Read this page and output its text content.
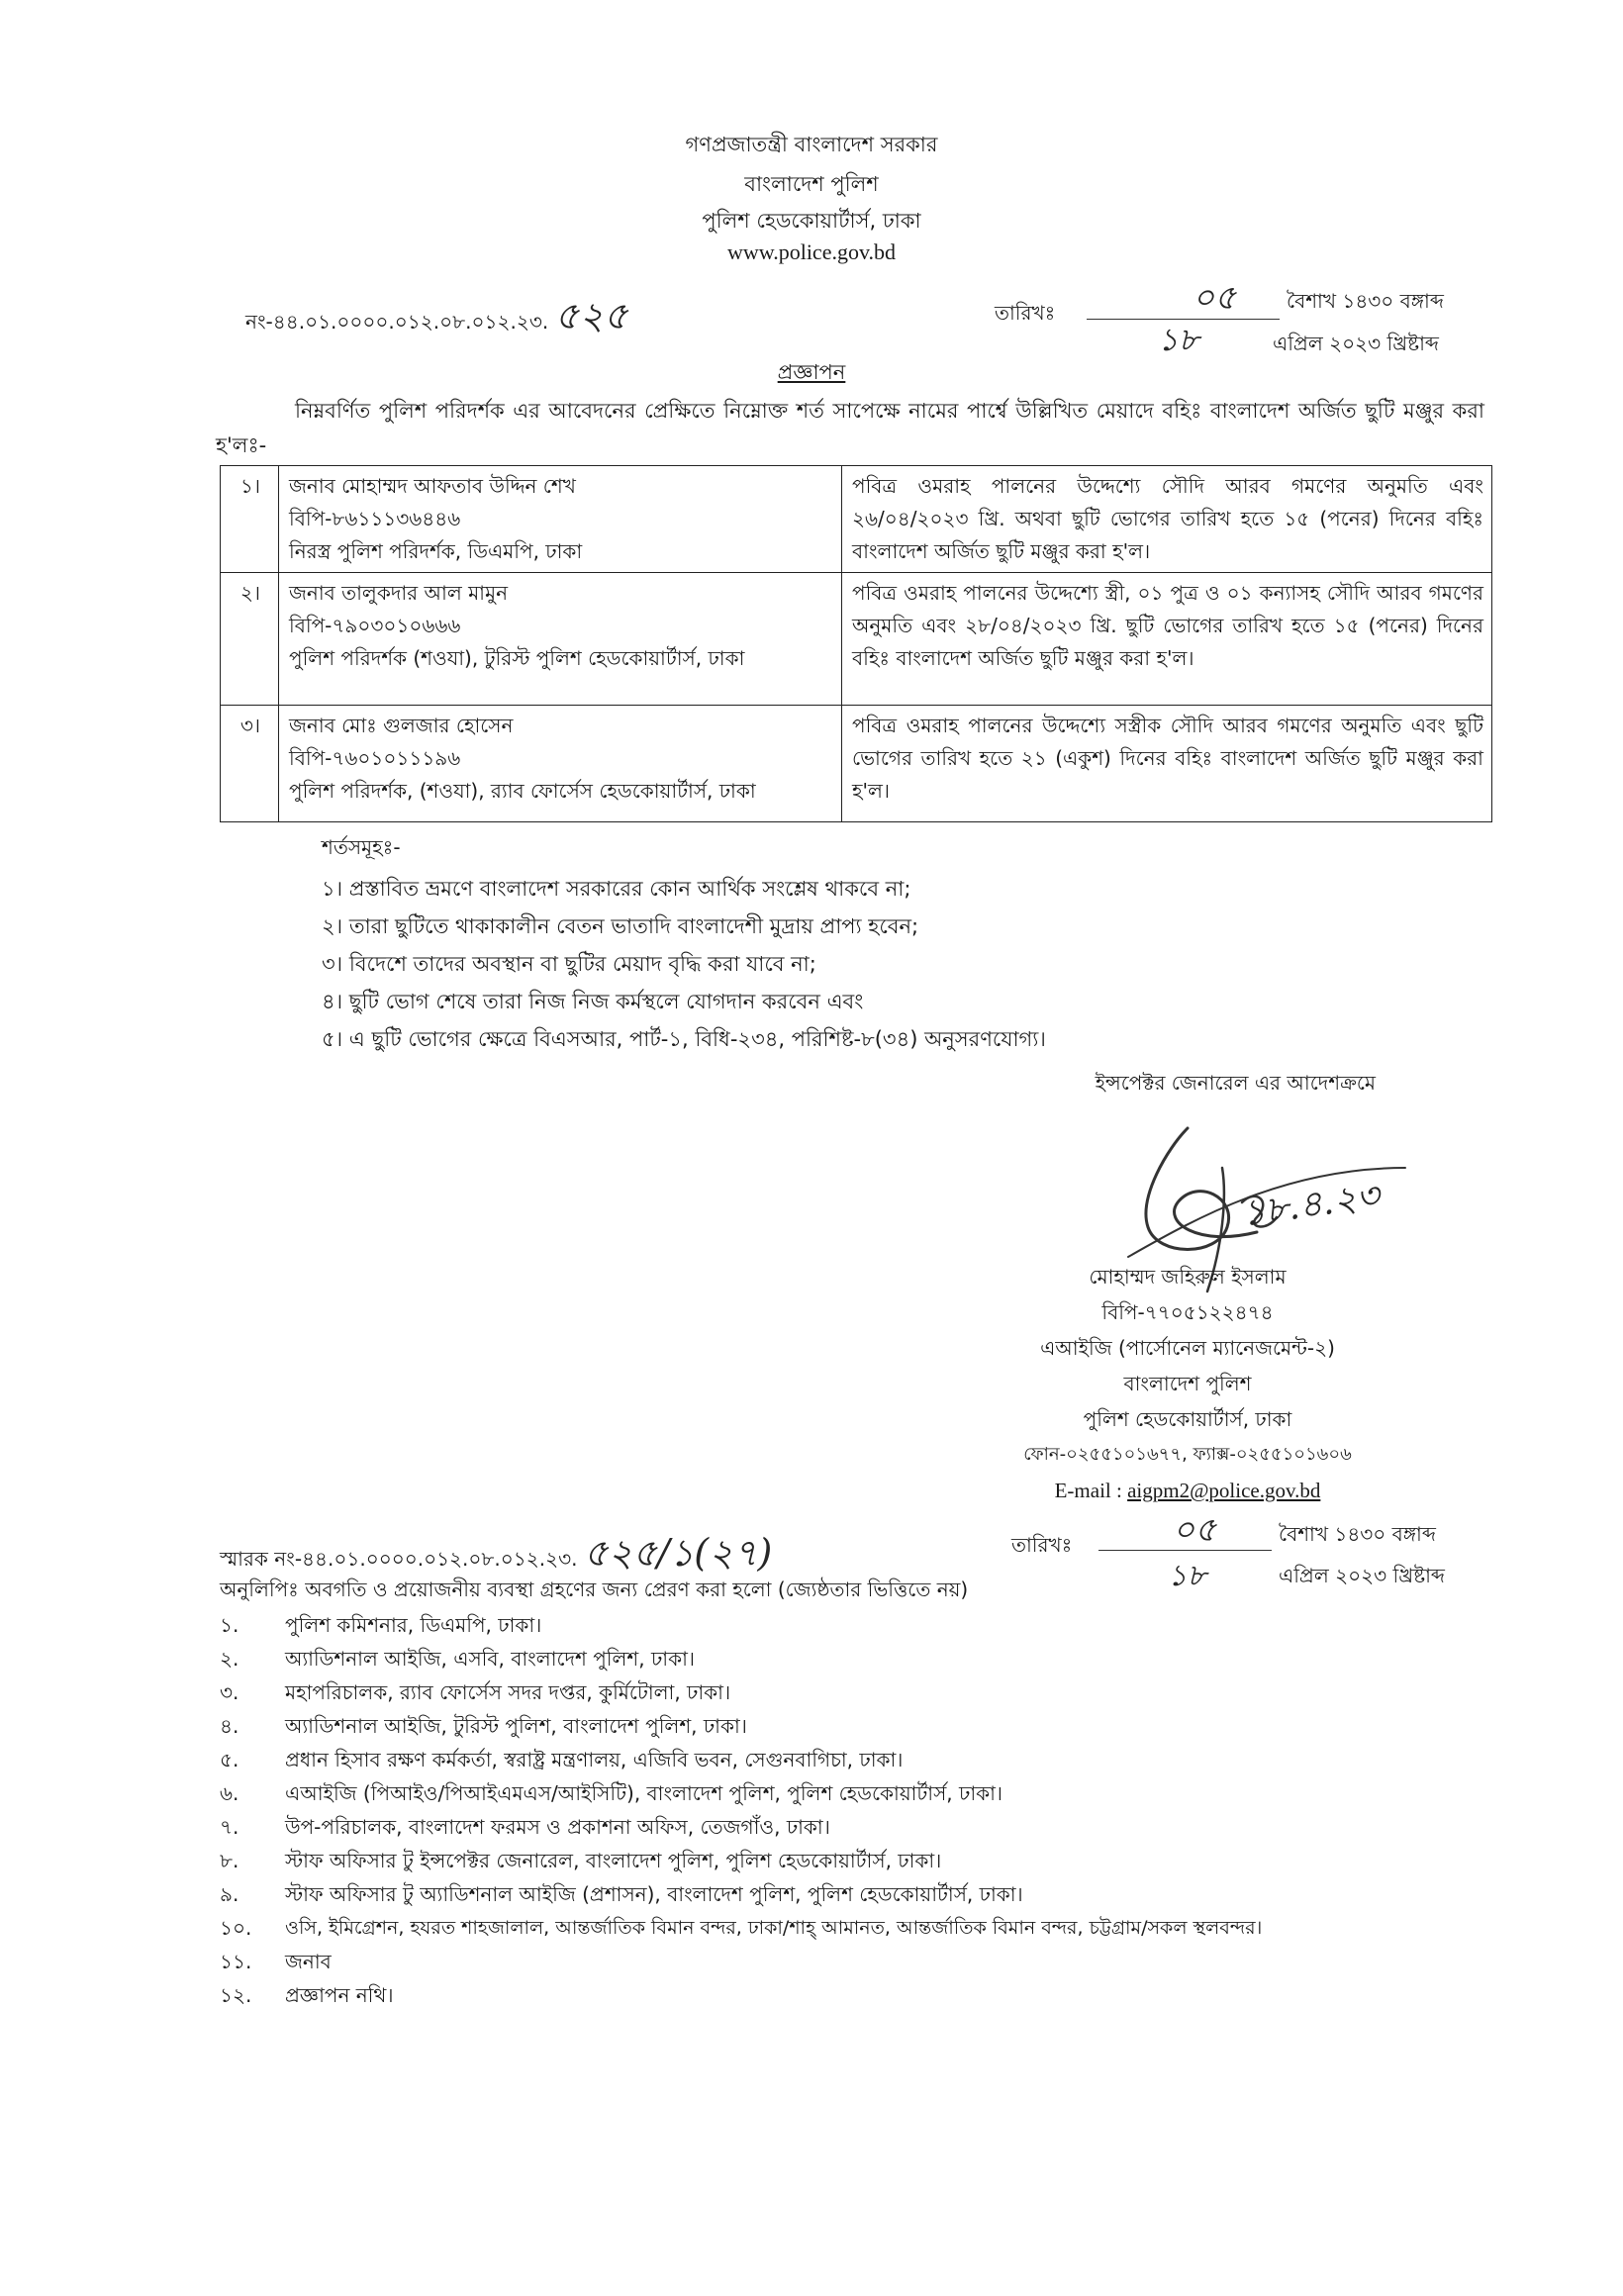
গণপ্রজাতন্ত্রী বাংলাদেশ সরকার
বাংলাদেশ পুলিশ
পুলিশ হেডকোয়ার্টার্স, ঢাকা
www.police.gov.bd
নং-৪৪.০১.০০০০.০১২.০৮.০১২.২৩. ৫২৫	তারিখঃ	০৫	বৈশাখ ১৪৩০ বঙ্গাব্দ
১৮	এপ্রিল ২০২৩ খ্রিষ্টাব্দ
প্রজ্ঞাপন
নিম্নবর্ণিত পুলিশ পরিদর্শক এর আবেদনের প্রেক্ষিতে নিম্নোক্ত শর্ত সাপেক্ষে নামের পার্শ্বে উল্লিখিত মেয়াদে বহিঃ বাংলাদেশ অর্জিত ছুটি মঞ্জুর করা হ'লঃ-
১।	জনাব মোহাম্মদ আফতাব উদ্দিন শেখ
বিপি-৮৬১১১৩৬৪৪৬
নিরস্ত্র পুলিশ পরিদর্শক, ডিএমপি, ঢাকা	পবিত্র ওমরাহ পালনের উদ্দেশ্যে সৌদি আরব গমণের অনুমতি এবং ২৬/০৪/২০২৩ খ্রি. অথবা ছুটি ভোগের তারিখ হতে ১৫ (পনের) দিনের বহিঃ বাংলাদেশ অর্জিত ছুটি মঞ্জুর করা হ'ল।
২।	জনাব তালুকদার আল মামুন
বিপি-৭৯০৩০১০৬৬৬
পুলিশ পরিদর্শক (শওযা), টুরিস্ট পুলিশ হেডকোয়ার্টার্স, ঢাকা	পবিত্র ওমরাহ পালনের উদ্দেশ্যে স্ত্রী, ০১ পুত্র ও ০১ কন্যাসহ সৌদি আরব গমণের অনুমতি এবং ২৮/০৪/২০২৩ খ্রি. ছুটি ভোগের তারিখ হতে ১৫ (পনের) দিনের বহিঃ বাংলাদেশ অর্জিত ছুটি মঞ্জুর করা হ'ল।
৩।	জনাব মোঃ গুলজার হোসেন
বিপি-৭৬০১০১১১৯৬
পুলিশ পরিদর্শক, (শওযা), র‌্যাব ফোর্সেস হেডকোয়ার্টার্স, ঢাকা	পবিত্র ওমরাহ পালনের উদ্দেশ্যে সস্ত্রীক সৌদি আরব গমণের অনুমতি এবং ছুটি ভোগের তারিখ হতে ২১ (একুশ) দিনের বহিঃ বাংলাদেশ অর্জিত ছুটি মঞ্জুর করা হ'ল।
শর্তসমূহঃ-
১। প্রস্তাবিত ভ্রমণে বাংলাদেশ সরকারের কোন আর্থিক সংশ্লেষ থাকবে না;
২। তারা ছুটিতে থাকাকালীন বেতন ভাতাদি বাংলাদেশী মুদ্রায় প্রাপ্য হবেন;
৩। বিদেশে তাদের অবস্থান বা ছুটির মেয়াদ বৃদ্ধি করা যাবে না;
৪। ছুটি ভোগ শেষে তারা নিজ নিজ কর্মস্থলে যোগদান করবেন এবং
৫। এ ছুটি ভোগের ক্ষেত্রে বিএসআর, পার্ট-১, বিধি-২৩৪, পরিশিষ্ট-৮(৩৪) অনুসরণযোগ্য।
ইন্সপেক্টর জেনারেল এর আদেশক্রমে
১৮.৪.২৩
মোহাম্মদ জহিরুল ইসলাম
বিপি-৭৭০৫১২২৪৭৪
এআইজি (পার্সোনেল ম্যানেজমেন্ট-২)
বাংলাদেশ পুলিশ
পুলিশ হেডকোয়ার্টার্স, ঢাকা
ফোন-০২৫৫১০১৬৭৭, ফ্যাক্স-০২৫৫১০১৬০৬
E-mail : aigpm2@police.gov.bd
স্মারক নং-৪৪.০১.০০০০.০১২.০৮.০১২.২৩. ৫২৫/১(২৭)	তারিখঃ	০৫	বৈশাখ ১৪৩০ বঙ্গাব্দ
১৮	এপ্রিল ২০২৩ খ্রিষ্টাব্দ
অনুলিপিঃ অবগতি ও প্রয়োজনীয় ব্যবস্থা গ্রহণের জন্য প্রেরণ করা হলো (জ্যেষ্ঠতার ভিত্তিতে নয়)
১.	পুলিশ কমিশনার, ডিএমপি, ঢাকা।
২.	অ্যাডিশনাল আইজি, এসবি, বাংলাদেশ পুলিশ, ঢাকা।
৩.	মহাপরিচালক, র‌্যাব ফোর্সেস সদর দপ্তর, কুর্মিটোলা, ঢাকা।
৪.	অ্যাডিশনাল আইজি, টুরিস্ট পুলিশ, বাংলাদেশ পুলিশ, ঢাকা।
৫.	প্রধান হিসাব রক্ষণ কর্মকর্তা, স্বরাষ্ট্র মন্ত্রণালয়, এজিবি ভবন, সেগুনবাগিচা, ঢাকা।
৬.	এআইজি (পিআইও/পিআইএমএস/আইসিটি), বাংলাদেশ পুলিশ, পুলিশ হেডকোয়ার্টার্স, ঢাকা।
৭.	উপ-পরিচালক, বাংলাদেশ ফরমস ও প্রকাশনা অফিস, তেজগাঁও, ঢাকা।
৮.	স্টাফ অফিসার টু ইন্সপেক্টর জেনারেল, বাংলাদেশ পুলিশ, পুলিশ হেডকোয়ার্টার্স, ঢাকা।
৯.	স্টাফ অফিসার টু অ্যাডিশনাল আইজি (প্রশাসন), বাংলাদেশ পুলিশ, পুলিশ হেডকোয়ার্টার্স, ঢাকা।
১০.	ওসি, ইমিগ্রেশন, হযরত শাহজালাল, আন্তর্জাতিক বিমান বন্দর, ঢাকা/শাহ্ আমানত, আন্তর্জাতিক বিমান বন্দর, চট্টগ্রাম/সকল স্থলবন্দর।
১১.	জনাব
১২.	প্রজ্ঞাপন নথি।
